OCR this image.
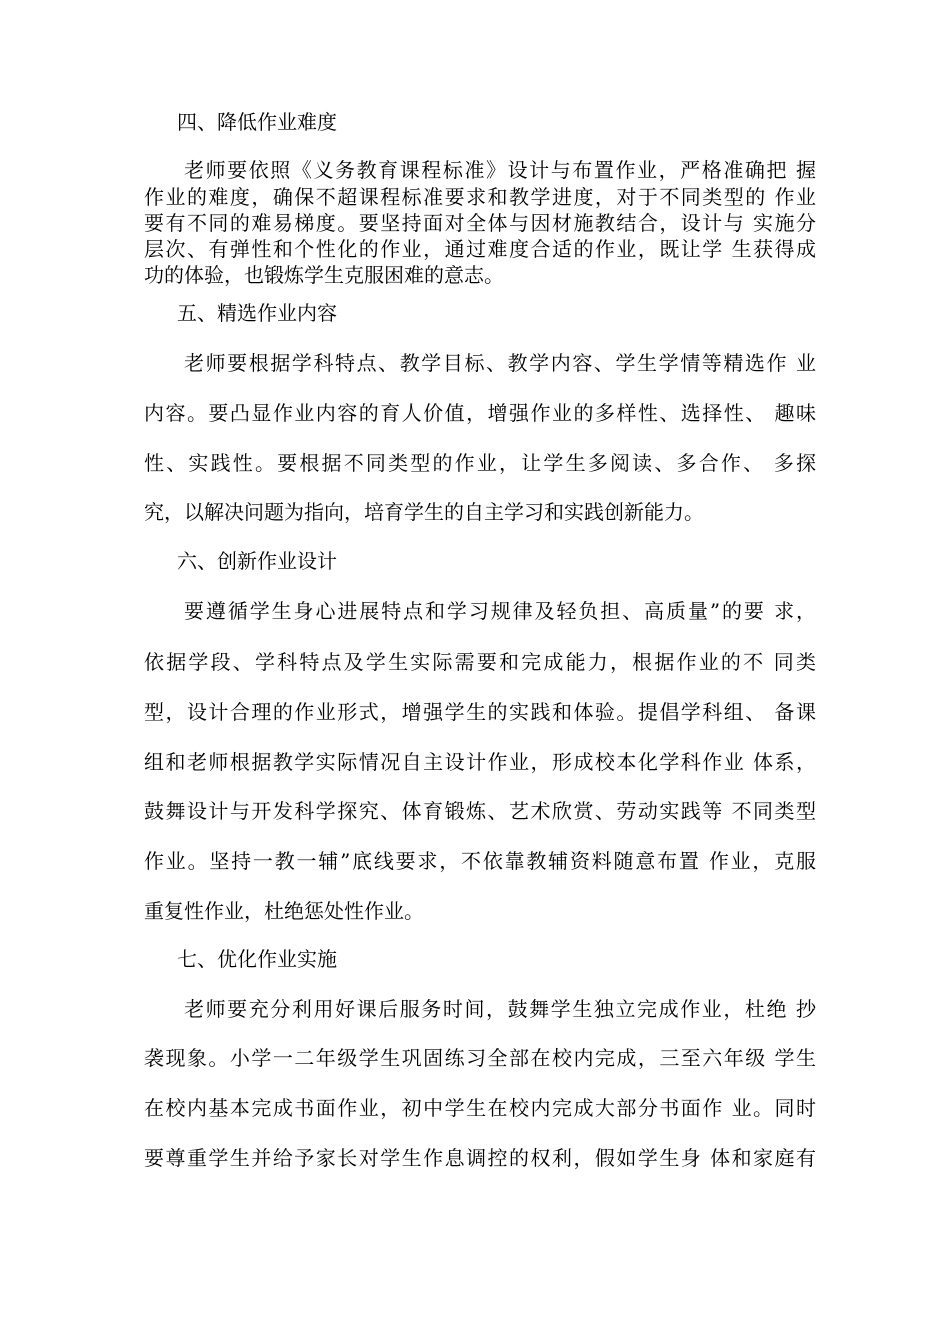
四、降低作业难度
老师要依照《义务教育课程标准》设计与布置作业，严格准确把 握
作业的难度，确保不超课程标准要求和教学进度，对于不同类型的 作业
要有不同的难易梯度。要坚持面对全体与因材施教结合，设计与 实施分
层次、有弹性和个性化的作业，通过难度合适的作业，既让学 生获得成
功的体验，也锻炼学生克服困难的意志。
五、精选作业内容
老师要根据学科特点、教学目标、教学内容、学生学情等精选作 业
内容。要凸显作业内容的育人价值，增强作业的多样性、选择性、 趣味
性、实践性。要根据不同类型的作业，让学生多阅读、多合作、 多探
究，以解决问题为指向，培育学生的自主学习和实践创新能力。
六、创新作业设计
要遵循学生身心进展特点和学习规律及轻负担、高质量”的要 求，
依据学段、学科特点及学生实际需要和完成能力，根据作业的不 同类
型，设计合理的作业形式，增强学生的实践和体验。提倡学科组、 备课
组和老师根据教学实际情况自主设计作业，形成校本化学科作业 体系，
鼓舞设计与开发科学探究、体育锻炼、艺术欣赏、劳动实践等 不同类型
作业。坚持一教一辅”底线要求，不依靠教辅资料随意布置 作业，克服
重复性作业，杜绝惩处性作业。
七、优化作业实施
老师要充分利用好课后服务时间，鼓舞学生独立完成作业，杜绝 抄
袭现象。小学一二年级学生巩固练习全部在校内完成，三至六年级 学生
在校内基本完成书面作业，初中学生在校内完成大部分书面作 业。同时
要尊重学生并给予家长对学生作息调控的权利，假如学生身 体和家庭有
